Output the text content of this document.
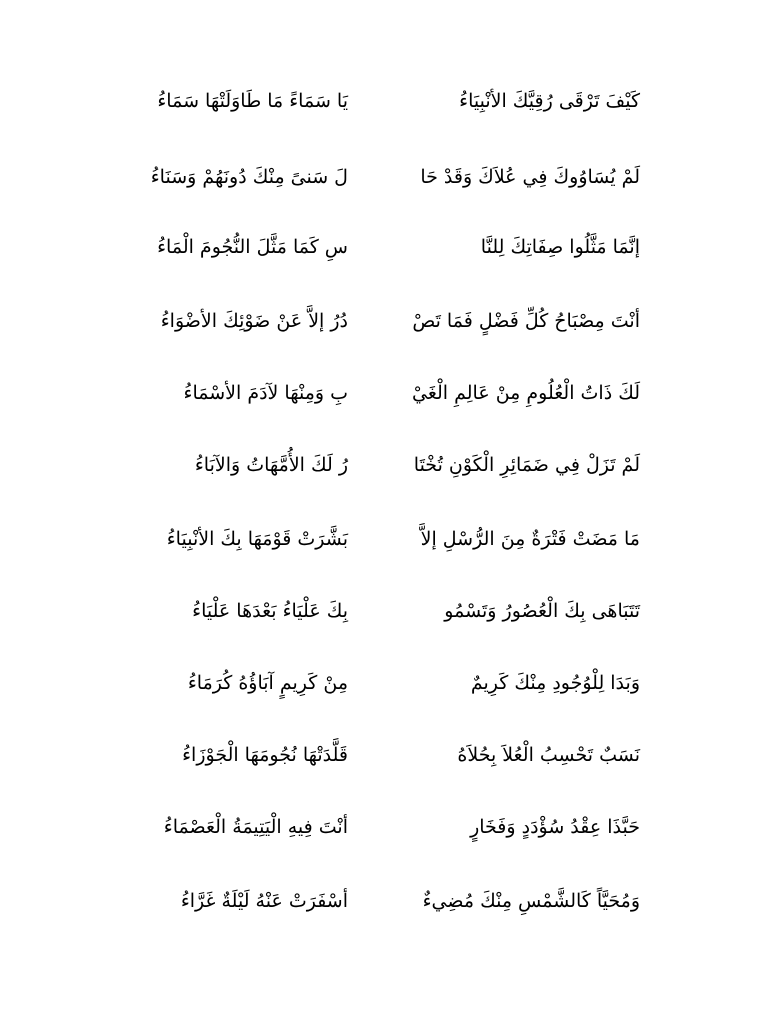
كَيْفَ تَرْقَى رُقِيَّكَ الأنْبِيَاءُ
يَا سَمَاءً مَا طَاوَلَتْهَا سَمَاءُ
لَمْ يُسَاوُوكَ فِي عُلاَكَ وَقَدْ حَا
لَ سَنىً مِنْكَ دُونَهُمْ وَسَنَاءُ
إنَّمَا مَثَّلُوا صِفَاتِكَ لِلنَّا
سِ كَمَا مَثَّلَ النُّجُومَ الْمَاءُ
أنْتَ مِصْبَاحُ كُلِّ فَضْلٍ فَمَا تَصْ
دُرُ إلاَّ عَنْ ضَوْئِكَ الأضْوَاءُ
لَكَ ذَاتُ الْعُلُومِ مِنْ عَالِمِ الْغَيْ
بِ وَمِنْهَا لآدَمَ الأسْمَاءُ
لَمْ تَزَلْ فِي ضَمَائِرِ الْكَوْنِ تُخْتَا
رُ لَكَ الأُمَّهَاتُ وَالآبَاءُ
مَا مَضَتْ فَتْرَةٌ مِنَ الرُّسْلِ إلاَّ
بَشَّرَتْ قَوْمَهَا بِكَ الأنْبِيَاءُ
تَتَبَاهَى بِكَ الْعُصُورُ وَتَسْمُو
بِكَ عَلْيَاءُ بَعْدَهَا عَلْيَاءُ
وَبَدَا لِلْوُجُودِ مِنْكَ كَرِيمٌ
مِنْ كَرِيمٍ آبَاؤُهُ كُرَمَاءُ
نَسَبٌ تَحْسِبُ الْعُلاَ بِحُلاَهُ
قَلَّدَتْهَا نُجُومَهَا الْجَوْزَاءُ
حَبَّذَا عِقْدُ سُؤْدَدٍ وَفَخَارٍ
أنْتَ فِيهِ الْيَتِيمَةُ الْعَصْمَاءُ
وَمُحَيَّاً كَالشَّمْسِ مِنْكَ مُضِيءٌ
أسْفَرَتْ عَنْهُ لَيْلَةٌ غَرَّاءُ
